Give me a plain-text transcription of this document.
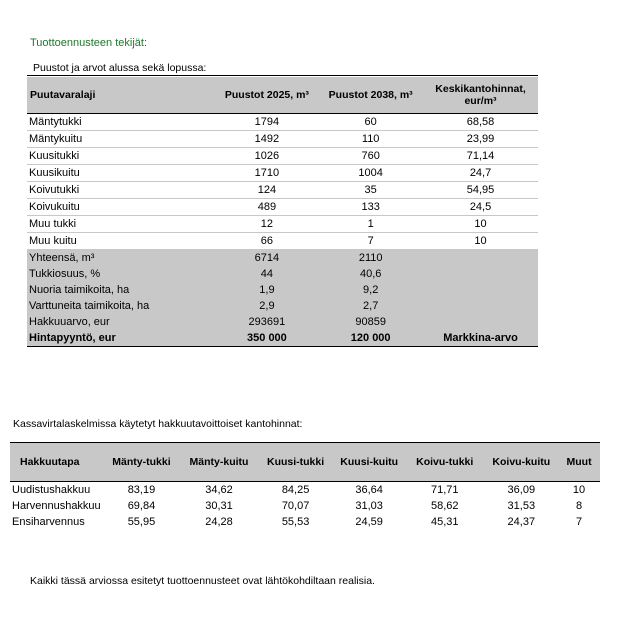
Tuottoennusteen tekijät:
Puustot ja arvot alussa sekä lopussa:
Puutavaralaji	Puustot 2025, m³	Puustot 2038, m³	Keskikantohinnat, eur/m³
Mäntytukki	1794	60	68,58
Mäntykuitu	1492	110	23,99
Kuusitukki	1026	760	71,14
Kuusikuitu	1710	1004	24,7
Koivutukki	124	35	54,95
Koivukuitu	489	133	24,5
Muu tukki	12	1	10
Muu kuitu	66	7	10
Yhteensä, m³	6714	2110	
Tukkiosuus, %	44	40,6	
Nuoria taimikoita, ha	1,9	9,2	
Varttuneita taimikoita, ha	2,9	2,7	
Hakkuuarvo, eur	293691	90859	
Hintapyyntö, eur	350 000	120 000	Markkina-arvo
Kassavirtalaskelmissa käytetyt hakkuutavoittoiset kantohinnat:
Hakkuutapa	Mänty-tukki	Mänty-kuitu	Kuusi-tukki	Kuusi-kuitu	Koivu-tukki	Koivu-kuitu	Muut
Uudistushakkuu	83,19	34,62	84,25	36,64	71,71	36,09	10
Harvennushakkuu	69,84	30,31	70,07	31,03	58,62	31,53	8
Ensiharvennus	55,95	24,28	55,53	24,59	45,31	24,37	7
Kaikki tässä arviossa esitetyt tuottoennusteet ovat lähtökohdiltaan realisia.
